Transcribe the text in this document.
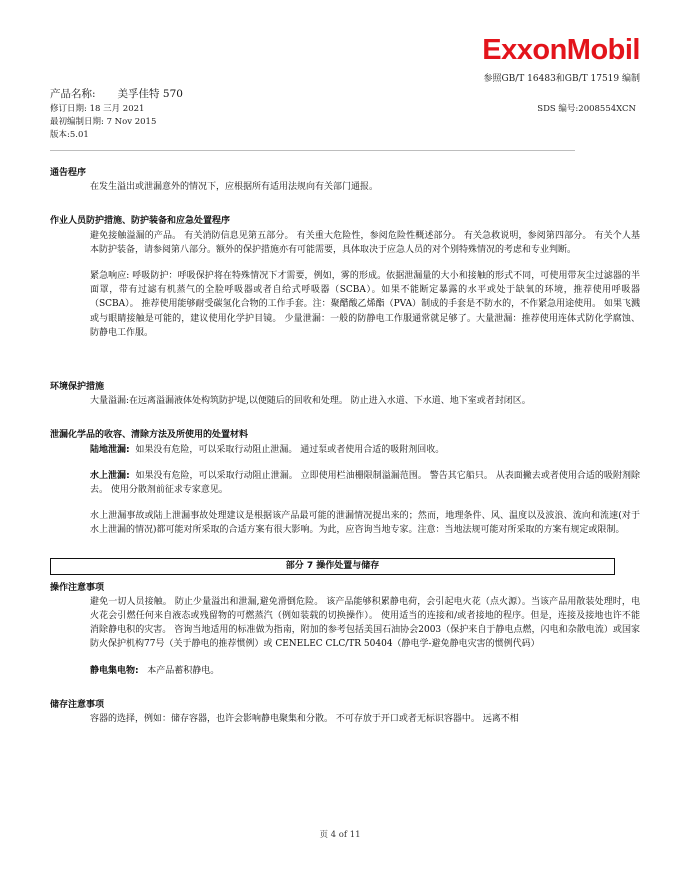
ExxonMobil
参照GB/T 16483和GB/T 17519 编制
产品名称: 美孚佳特 570
修订日期: 18 三月 2021
最初编制日期: 7 Nov 2015
版本:5.01
SDS 编号:2008554XCN
通告程序
在发生溢出或泄漏意外的情况下，应根据所有适用法规向有关部门通报。
作业人员防护措施、防护装备和应急处置程序
避免接触溢漏的产品。 有关消防信息见第五部分。 有关重大危险性，参阅危险性概述部分。 有关急救说明，参阅第四部分。 有关个人基本防护装备，请参阅第八部分。额外的保护措施亦有可能需要，具体取决于应急人员的对个别特殊情况的考虑和专业判断。
紧急响应: 呼吸防护：呼吸保护将在特殊情况下才需要，例如，雾的形成。依据泄漏量的大小和接触的形式不同，可使用带灰尘过滤器的半面罩，带有过滤有机蒸气的全脸呼吸器或者自给式呼吸器（SCBA）。如果不能断定暴露的水平或处于缺氧的环境，推荐使用呼吸器（SCBA）。 推荐使用能够耐受碳氢化合物的工作手套。注：聚醋酸乙烯酯（PVA）制成的手套是不防水的，不作紧急用途使用。 如果飞溅或与眼睛接触是可能的，建议使用化学护目镜。 少量泄漏：一般的防静电工作服通常就足够了。大量泄漏：推荐使用连体式防化学腐蚀、防静电工作服。
环境保护措施
大量溢漏:在远离溢漏液体处构筑防护堤,以便随后的回收和处理。 防止进入水道、下水道、地下室或者封闭区。
泄漏化学品的收容、清除方法及所使用的处置材料
陆地泄漏: 如果没有危险，可以采取行动阻止泄漏。 通过泵或者使用合适的吸附剂回收。
水上泄漏: 如果没有危险，可以采取行动阻止泄漏。 立即使用栏油栅限制溢漏范围。 警告其它船只。 从表面撇去或者使用合适的吸附剂除去。 使用分散剂前征求专家意见。
水上泄漏事故或陆上泄漏事故处理建议是根据该产品最可能的泄漏情况提出来的；然而，地理条件、风、温度以及波浪、流向和流速(对于水上泄漏的情况)都可能对所采取的合适方案有很大影响。为此，应咨询当地专家。注意：当地法规可能对所采取的方案有规定或限制。
部分 7 操作处置与储存
操作注意事项
避免一切人员接触。 防止少量溢出和泄漏,避免滑倒危险。 该产品能够积累静电荷，会引起电火花（点火源）。当该产品用散装处理时，电火花会引燃任何来自液态或残留物的可燃蒸汽（例如装载的切换操作）。 使用适当的连接和/或者接地的程序。但是，连接及接地也许不能消除静电积的灾害。 咨询当地适用的标准做为指南，附加的参考包括美国石油协会2003（保护来自于静电点燃，闪电和杂散电流）或国家防火保护机构77号（关于静电的推荐惯例）或 CENELEC CLC/TR 50404（静电学-避免静电灾害的惯例代码）
静电集电物: 本产品蓄积静电。
储存注意事项
容器的选择，例如：储存容器，也许会影响静电聚集和分散。 不可存放于开口或者无标识容器中。 远离不相
页 4 of 11
